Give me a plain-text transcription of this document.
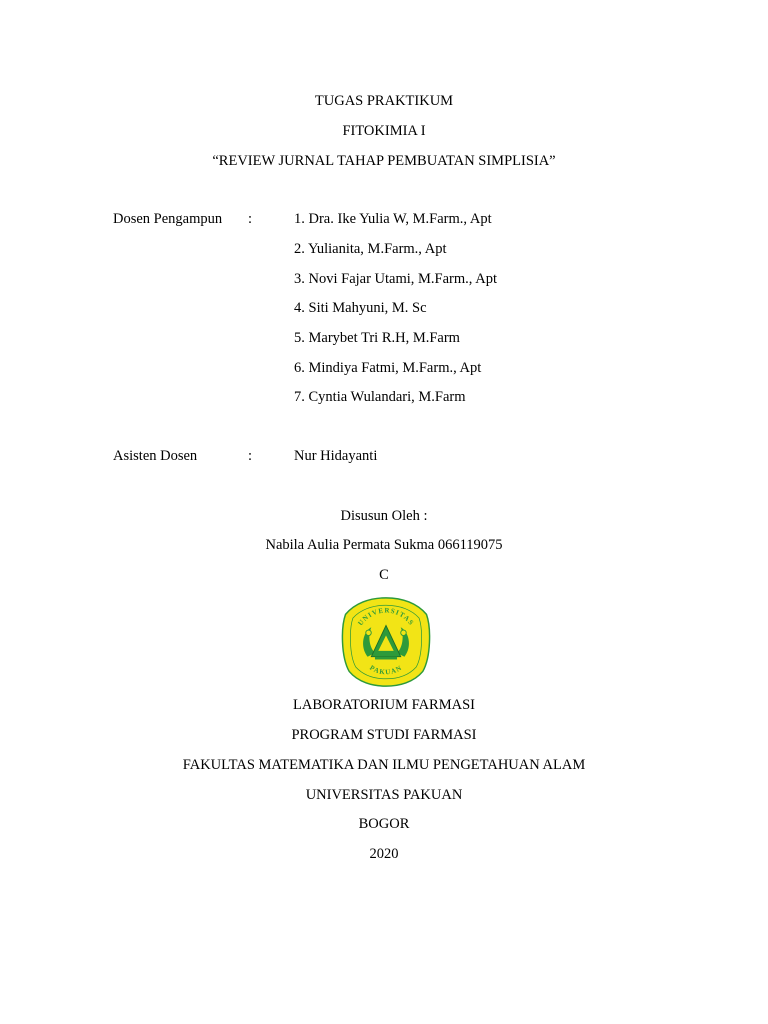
TUGAS PRAKTIKUM
FITOKIMIA I
“REVIEW JURNAL TAHAP PEMBUATAN SIMPLISIA”
Dosen Pengampun :	1. Dra. Ike Yulia W, M.Farm., Apt
2. Yulianita, M.Farm., Apt
3. Novi Fajar Utami, M.Farm., Apt
4. Siti Mahyuni, M. Sc
5. Marybet Tri R.H, M.Farm
6. Mindiya Fatmi, M.Farm., Apt
7. Cyntia Wulandari, M.Farm
Asisten Dosen	:	Nur Hidayanti
Disusun Oleh :
Nabila Aulia Permata Sukma 066119075
C
UNIVERSITAS
PAKUAN
LABORATORIUM FARMASI
PROGRAM STUDI FARMASI
FAKULTAS MATEMATIKA DAN ILMU PENGETAHUAN ALAM
UNIVERSITAS PAKUAN
BOGOR
2020
